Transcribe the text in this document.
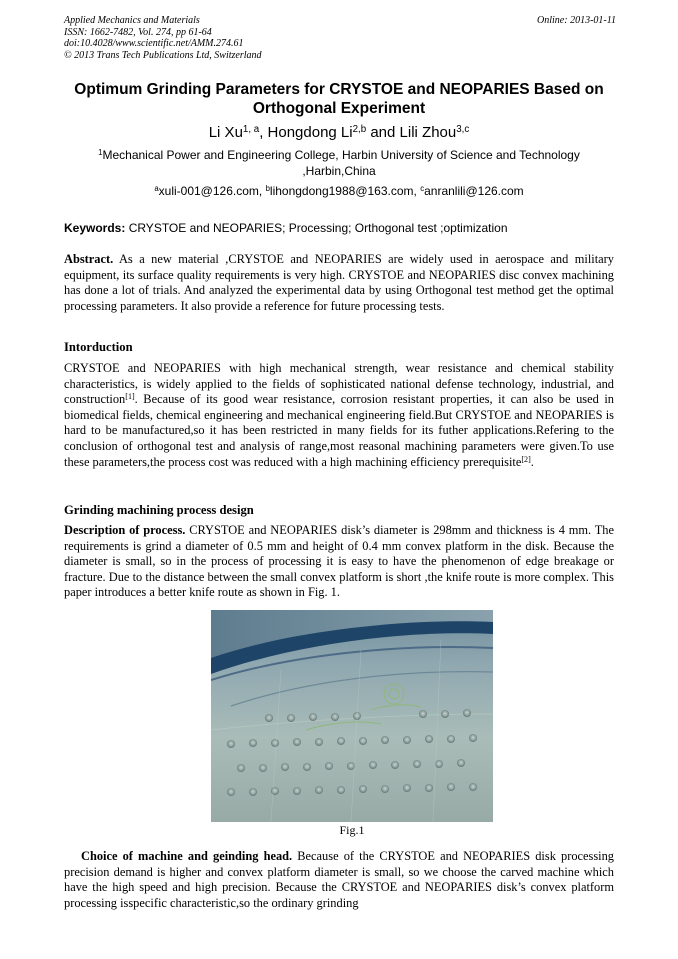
Applied Mechanics and Materials
ISSN: 1662-7482, Vol. 274, pp 61-64
doi:10.4028/www.scientific.net/AMM.274.61
© 2013 Trans Tech Publications Ltd, Switzerland
Online: 2013-01-11
Optimum Grinding Parameters for CRYSTOE and NEOPARIES Based on Orthogonal Experiment
Li Xu$^{1, a}$, Hongdong Li$^{2,b}$ and Lili Zhou$^{3,c}$
$^1$Mechanical Power and Engineering College, Harbin University of Science and Technology ,Harbin,China
$^a$xuli-001@126.com, $^b$lihongdong1988@163.com, $^c$anranlili@126.com
Keywords: CRYSTOE and NEOPARIES; Processing; Orthogonal test ;optimization
Abstract. As a new material ,CRYSTOE and NEOPARIES are widely used in aerospace and military equipment, its surface quality requirements is very high. CRYSTOE and NEOPARIES disc convex machining has done a lot of trials. And analyzed the experimental data by using Orthogonal test method get the optimal processing parameters. It also provide a reference for future processing tests.
Intorduction
CRYSTOE and NEOPARIES with high mechanical strength, wear resistance and chemical stability characteristics, is widely applied to the fields of sophisticated national defense technology, industrial, and construction[1]. Because of its good wear resistance, corrosion resistant properties, it can also be used in biomedical fields, chemical engineering and mechanical engineering field.But CRYSTOE and NEOPARIES is hard to be manufactured,so it has been restricted in many fields for its futher applications.Refering to the conclusion of orthogonal test and analysis of range,most reasonal machining parameters were given.To use these parameters,the process cost was reduced with a high machining efficiency prerequisite[2].
Grinding machining process design
Description of process. CRYSTOE and NEOPARIES disk’s diameter is 298mm and thickness is 4 mm. The requirements is grind a diameter of 0.5 mm and height of 0.4 mm convex platform in the disk. Because the diameter is small, so in the process of processing it is easy to have the phenomenon of edge breakage or fracture. Due to the distance between the small convex platform is short ,the knife route is more complex. This paper introduces a better knife route as shown in Fig. 1.
Fig.1
Choice of machine and geinding head. Because of the CRYSTOE and NEOPARIES disk processing precision demand is higher and convex platform diameter is small, so we choose the carved machine which have the high speed and high precision. Because the CRYSTOE and NEOPARIES disk’s convex platform processing isspecific characteristic,so the ordinary grinding
